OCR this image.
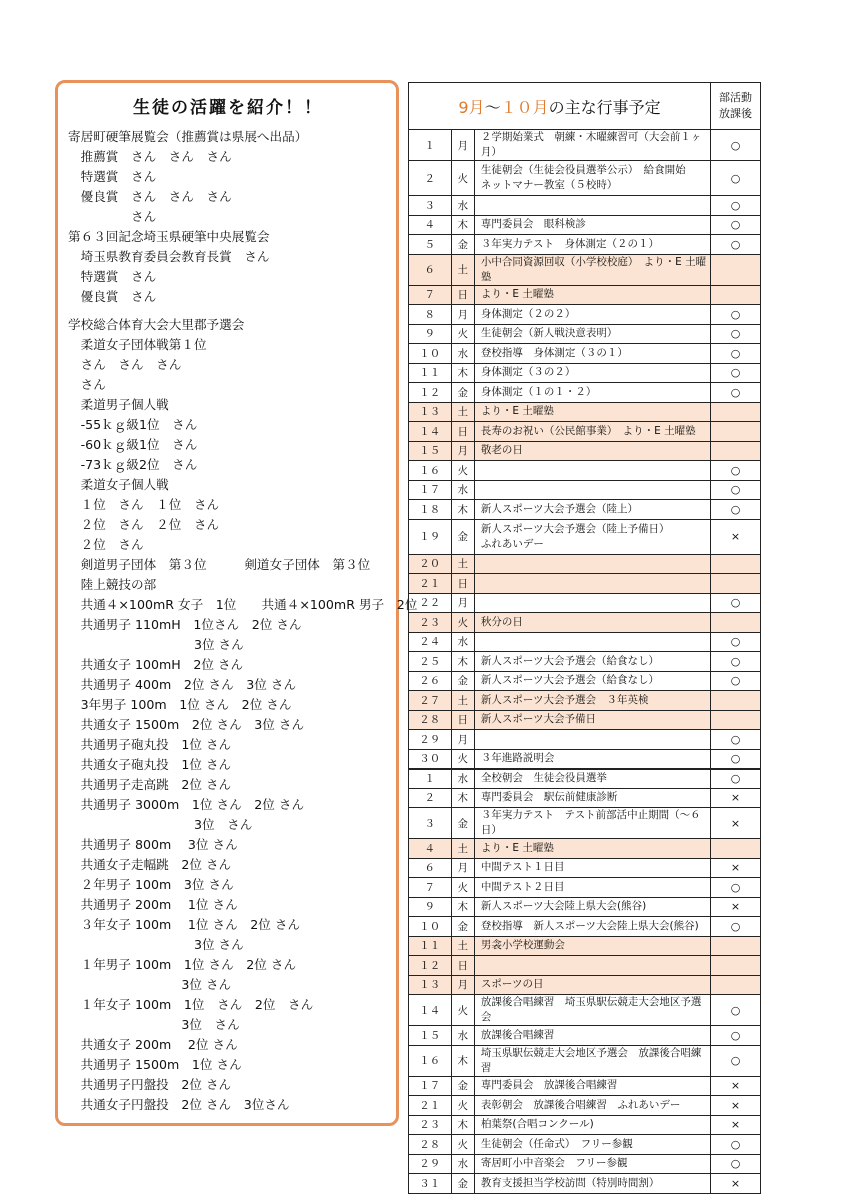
生徒の活躍を紹介！！
寄居町硬筆展覧会（推薦賞は県展へ出品）
　推薦賞　さん　さん　さん
　特選賞　さん
　優良賞　さん　さん　さん
　　　　　さん
第６３回記念埼玉県硬筆中央展覧会
　埼玉県教育委員会教育長賞　さん
　特選賞　さん
　優良賞　さん
学校総合体育大会大里郡予選会
　柔道女子団体戦第１位
　さん　さん　さん
　さん
　柔道男子個人戦
　-55ｋｇ級1位　さん
　-60ｋｇ級1位　さん
　-73ｋｇ級2位　さん
　柔道女子個人戦
　１位　さん　１位　さん
　２位　さん　２位　さん
　２位　さん
　剣道男子団体　第３位　　　剣道女子団体　第３位
　陸上競技の部
　共通４×100mR 女子　1位　　共通４×100mR 男子　2位
　共通男子 110mH　1位さん　2位 さん
　　　　　　　　　　3位 さん
　共通女子 100mH　2位 さん
　共通男子 400m　2位 さん　3位 さん
　3年男子 100m　1位 さん　2位 さん
　共通女子 1500m　2位 さん　3位 さん
　共通男子砲丸投　1位 さん
　共通女子砲丸投　1位 さん
　共通男子走高跳　2位 さん
　共通男子 3000m　1位 さん　2位 さん
　　　　　　　　　　3位　さん
　共通男子 800m　 3位 さん
　共通女子走幅跳　2位 さん
　２年男子 100m　3位 さん
　共通男子 200m　 1位 さん
　３年女子 100m　 1位 さん　2位 さん
　　　　　　　　　　3位 さん
　１年男子 100m　1位 さん　2位 さん
　　　　　　　　　3位 さん
　１年女子 100m　1位　さん　2位　さん
　　　　　　　　　3位　さん
　共通女子 200m　 2位 さん
　共通男子 1500m　1位 さん
　共通男子円盤投　2位 さん
　共通女子円盤投　2位 さん　3位さん
9月～１０月の主な行事予定			部活動
放課後

１	月	２学期始業式　朝練・木曜練習可（大会前１ヶ月）	○
２	火	生徒朝会（生徒会役員選挙公示）　給食開始
ネットマナー教室（５校時）	○
３	水		○
４	木	専門委員会　眼科検診	○
５	金	３年実力テスト　身体測定（２の１）	○
６	土	小中合同資源回収（小学校校庭）　より・E 土曜塾	

７	日	より・E 土曜塾	

８	月	身体測定（２の２）	○
９	火	生徒朝会（新人戦決意表明）	○
１０	水	登校指導　身体測定（３の１）	○
１１	木	身体測定（３の２）	○
１２	金	身体測定（１の１・２）	○
１３	土	より・E 土曜塾	

１４	日	長寿のお祝い（公民館事業）　より・E 土曜塾	

１５	月	敬老の日	

１６	火		○
１７	水		○
１８	木	新人スポーツ大会予選会（陸上）	○
１９	金	新人スポーツ大会予選会（陸上予備日）
ふれあいデー	×
２０	土	

２１	日	

２２	月		○
２３	火	秋分の日	

２４	水		○
２５	木	新人スポーツ大会予選会（給食なし）	○
２６	金	新人スポーツ大会予選会（給食なし）	○
２７	土	新人スポーツ大会予選会　３年英検	

２８	日	新人スポーツ大会予備日	

２９	月		○
３０	火	３年進路説明会	○
１	水	全校朝会　生徒会役員選挙	○
２	木	専門委員会　駅伝前健康診断	×
３	金	３年実力テスト　テスト前部活中止期間（～６日）	×
４	土	より・E 土曜塾	

６	月	中間テスト１日目	×
７	火	中間テスト２日目	○
９	木	新人スポーツ大会陸上県大会(熊谷)	×
１０	金	登校指導　新人スポーツ大会陸上県大会(熊谷)	○
１１	土	男衾小学校運動会	

１２	日	

１３	月	スポーツの日	

１４	火	放課後合唱練習　埼玉県駅伝競走大会地区予選会	○
１５	水	放課後合唱練習	○
１６	木	埼玉県駅伝競走大会地区予選会　放課後合唱練習	○
１７	金	専門委員会　放課後合唱練習	×
２１	火	表彰朝会　放課後合唱練習　ふれあいデー	×
２３	木	柏葉祭(合唱コンクール)	×
２８	火	生徒朝会（任命式）　フリー参観	○
２９	水	寄居町小中音楽会　フリー参観	○
３１	金	教育支援担当学校訪問（特別時間割）	×
